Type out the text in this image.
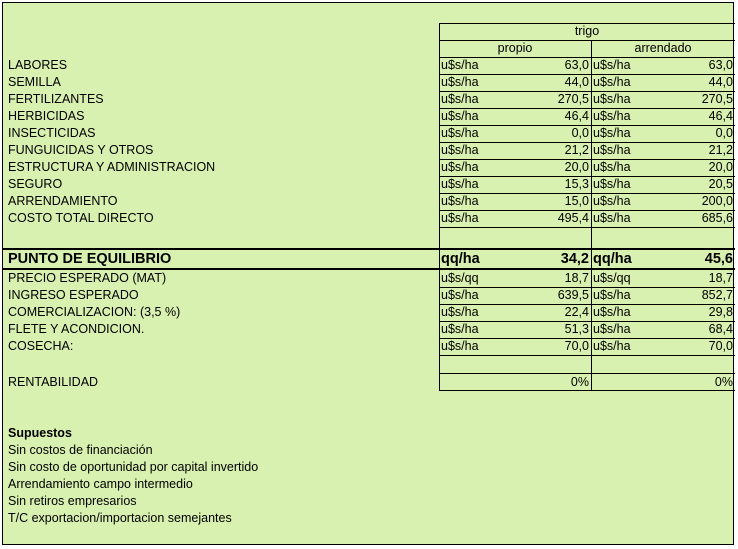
trigo
propio	arrendado
LABORES	u$s/ha	63,0 u$s/ha	63,0
SEMILLA	u$s/ha	44,0 u$s/ha	44,0
FERTILIZANTES	u$s/ha	270,5 u$s/ha	270,5
HERBICIDAS	u$s/ha	46,4 u$s/ha	46,4
INSECTICIDAS	u$s/ha	0,0 u$s/ha	0,0
FUNGUICIDAS Y OTROS	u$s/ha	21,2 u$s/ha	21,2
ESTRUCTURA Y ADMINISTRACION	u$s/ha	20,0 u$s/ha	20,0
SEGURO	u$s/ha	15,3 u$s/ha	20,5
ARRENDAMIENTO	u$s/ha	15,0 u$s/ha	200,0
COSTO TOTAL DIRECTO	u$s/ha	495,4 u$s/ha	685,6
PUNTO DE EQUILIBRIO	qq/ha	34,2 qq/ha	45,6
PRECIO ESPERADO (MAT)	u$s/qq	18,7 u$s/qq	18,7
INGRESO ESPERADO	u$s/ha	639,5 u$s/ha	852,7
COMERCIALIZACION: (3,5 %)	u$s/ha	22,4 u$s/ha	29,8
FLETE Y ACONDICION.	u$s/ha	51,3 u$s/ha	68,4
COSECHA:	u$s/ha	70,0 u$s/ha	70,0
RENTABILIDAD	0%	0%
Supuestos
Sin costos de financiación
Sin costo de oportunidad por capital invertido
Arrendamiento campo intermedio
Sin retiros empresarios
T/C exportacion/importacion semejantes
